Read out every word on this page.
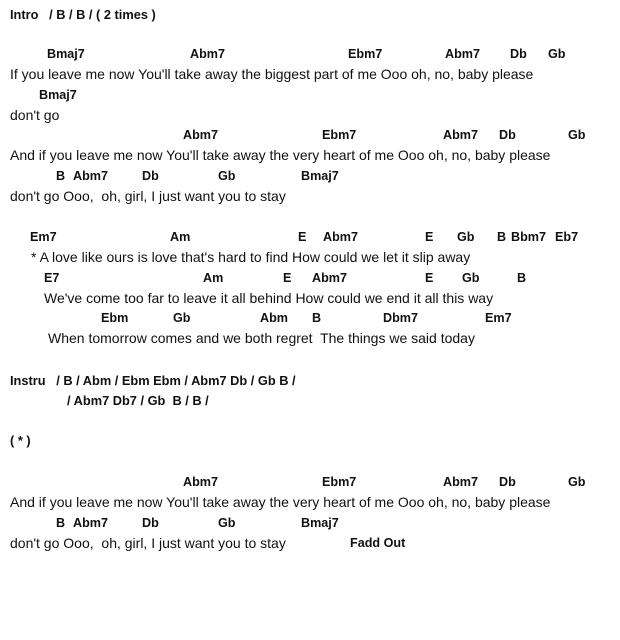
Intro   / B / B / ( 2 times )

Bmaj7

	Abm7

	Ebm7

	Abm7

Db

Gb

If you leave me now You'll take away the biggest part of me Ooo oh, no, baby please

Bmaj7

don't go

Abm7

	Ebm7

	Abm7

Db

	Gb

And if you leave me now You'll take away the very heart of me Ooo oh, no, baby please

B

Abm7

	Db

	Gb

	Bmaj7

don't go Ooo,  oh, girl, I just want you to stay

Em7

	Am

	E

Abm7

	E

Gb

B

Bbm7

Eb7

* A love like ours is love that's hard to find How could we let it slip away

E7

	Am

	E

Abm7

	E

Gb

	B

We've come too far to leave it all behind How could we end it all this way

Ebm

	Gb

	Abm

B

	Dbm7

	Em7

When tomorrow comes and we both regret  The things we said today

Instru   / B / Abm / Ebm Ebm / Abm7 Db / Gb B /

/ Abm7 Db7 / Gb  B / B /

( * )

Abm7

	Ebm7

	Abm7

Db

	Gb

And if you leave me now You'll take away the very heart of me Ooo oh, no, baby please

B

Abm7

	Db

	Gb

	Bmaj7

don't go Ooo,  oh, girl, I just want you to stay

	Fadd Out
